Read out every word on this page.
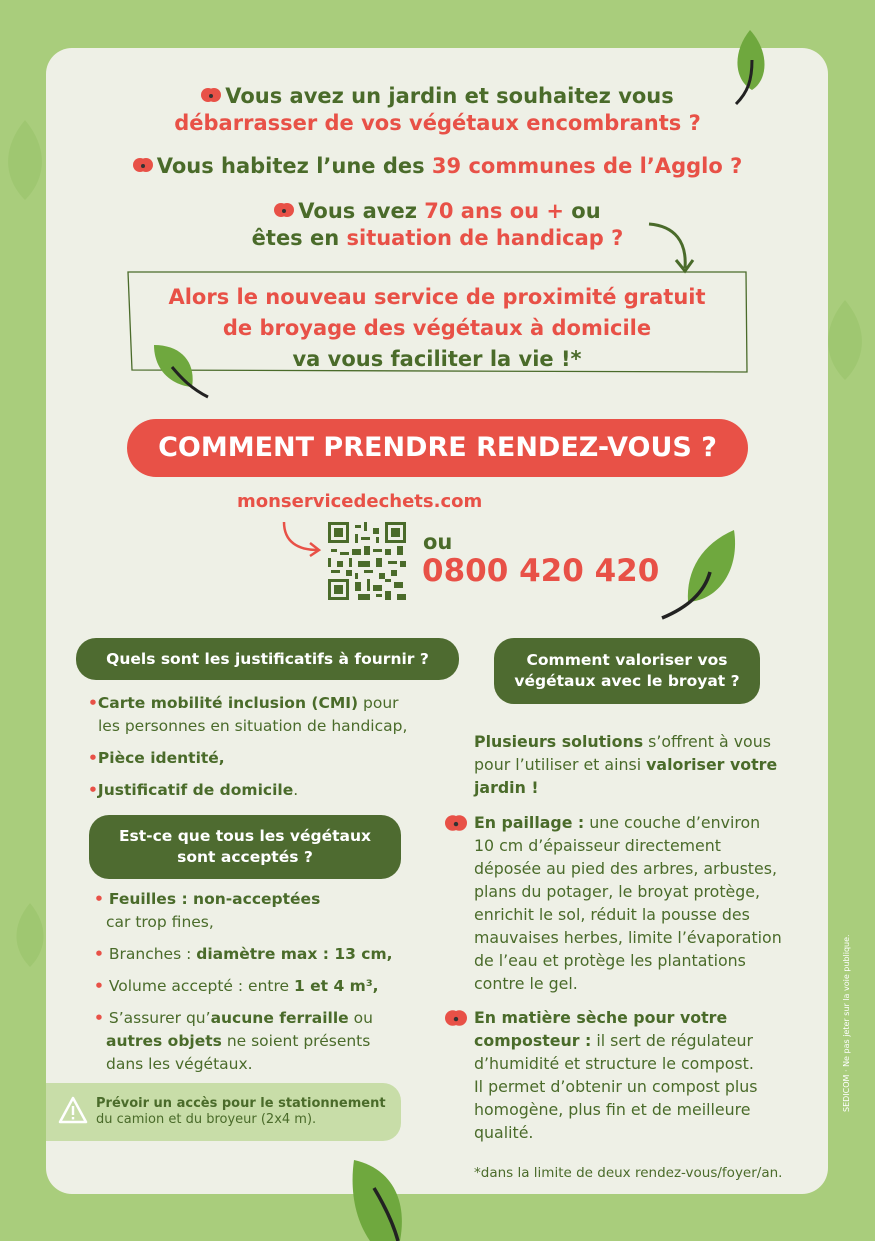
Vous avez un jardin et souhaitez vous
débarrasser de vos végétaux encombrants ?
Vous habitez l’une des 39 communes de l’Agglo ?
Vous avez 70 ans ou + ou
êtes en situation de handicap ?
Alors le nouveau service de proximité gratuit
de broyage des végétaux à domicile
va vous faciliter la vie !*
COMMENT PRENDRE RENDEZ-VOUS ?
monservicedechets.com
ou
0800 420 420
Quels sont les justificatifs à fournir ?
•Carte mobilité inclusion (CMI) pour
les personnes en situation de handicap,
•Pièce identité,
•Justificatif de domicile.
Est-ce que tous les végétaux
sont acceptés ?
• Feuilles : non-acceptées
car trop fines,
• Branches : diamètre max : 13 cm,
• Volume accepté : entre 1 et 4 m³,
• S’assurer qu’aucune ferraille ou
autres objets ne soient présents
dans les végétaux.
Prévoir un accès pour le stationnement
du camion et du broyeur (2x4 m).
Comment valoriser vos
végétaux avec le broyat ?
Plusieurs solutions s’offrent à vous
pour l’utiliser et ainsi valoriser votre
jardin !
En paillage : une couche d’environ
10 cm d’épaisseur directement
déposée au pied des arbres, arbustes,
plans du potager, le broyat protège,
enrichit le sol, réduit la pousse des
mauvaises herbes, limite l’évaporation
de l’eau et protège les plantations
contre le gel.
En matière sèche pour votre
composteur : il sert de régulateur
d’humidité et structure le compost.
Il permet d’obtenir un compost plus
homogène, plus fin et de meilleure
qualité.
*dans la limite de deux rendez-vous/foyer/an.
SEDICOM · Ne pas jeter sur la voie publique.
